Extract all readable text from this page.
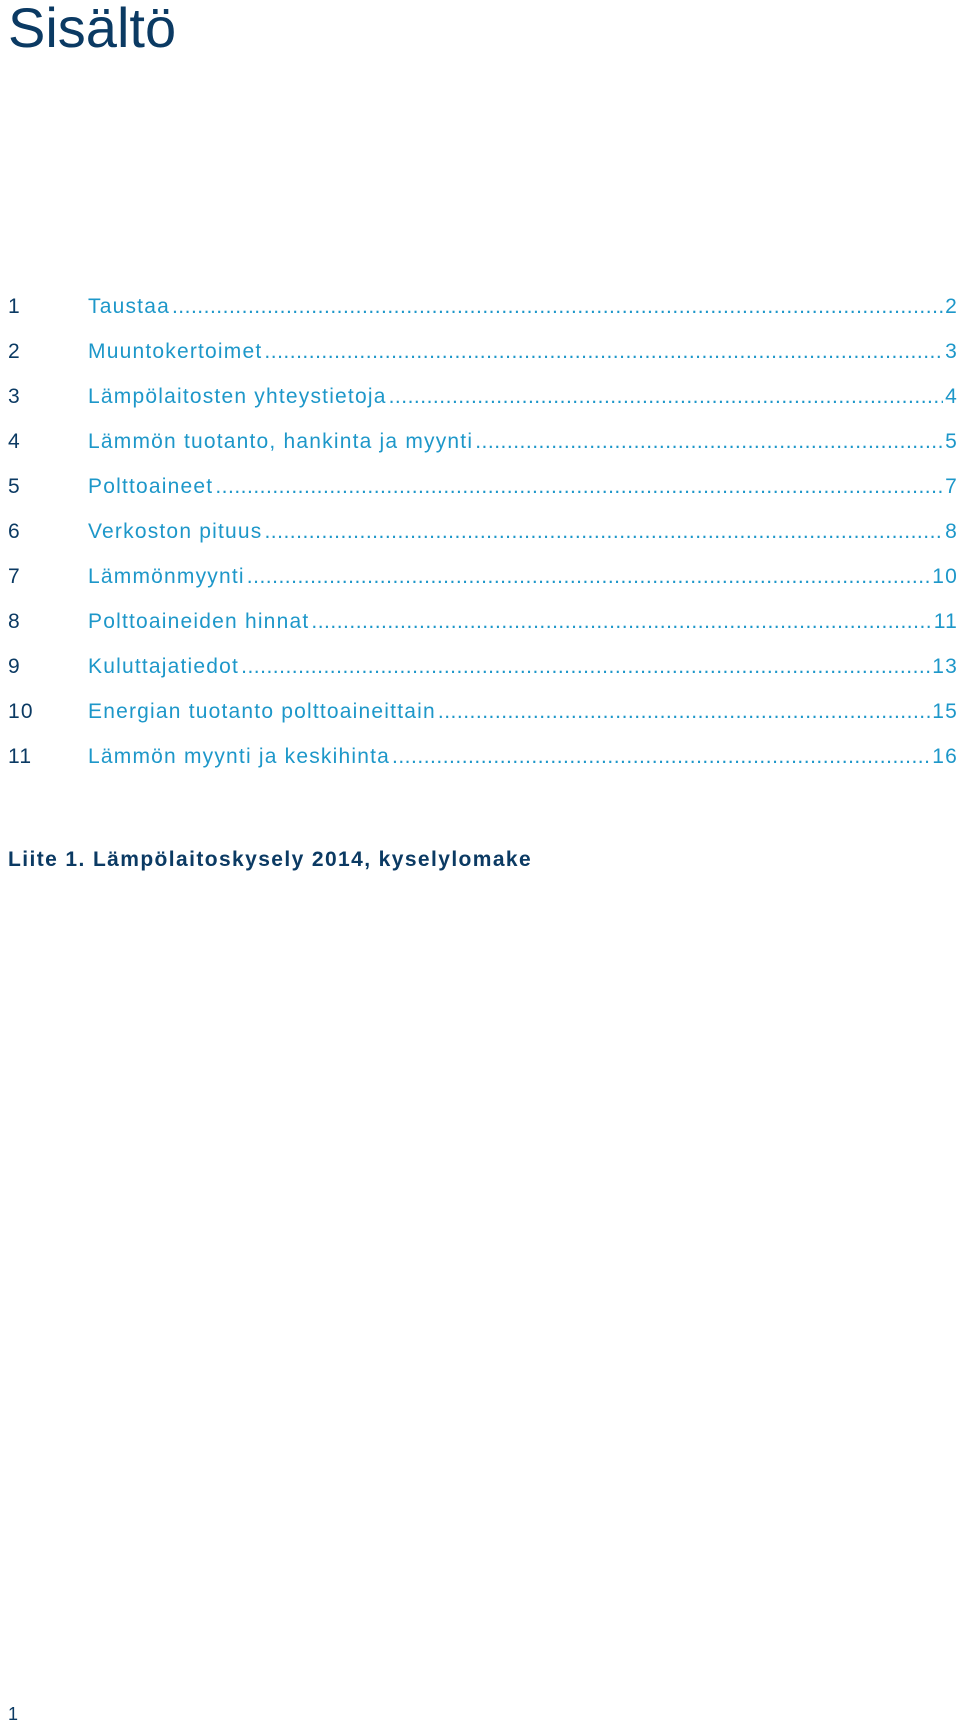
Sisältö
1	Taustaa .....	2
2	Muuntokertoimet .....	3
3	Lämpölaitosten yhteystietoja .....	4
4	Lämmön tuotanto, hankinta ja myynti .....	5
5	Polttoaineet .....	7
6	Verkoston pituus .....	8
7	Lämmönmyynti .....	10
8	Polttoaineiden hinnat .....	11
9	Kuluttajatiedot .....	13
10	Energian tuotanto polttoaineittain .....	15
11	Lämmön myynti ja keskihinta .....	16

Liite 1. Lämpölaitoskysely 2014, kyselylomake

1
